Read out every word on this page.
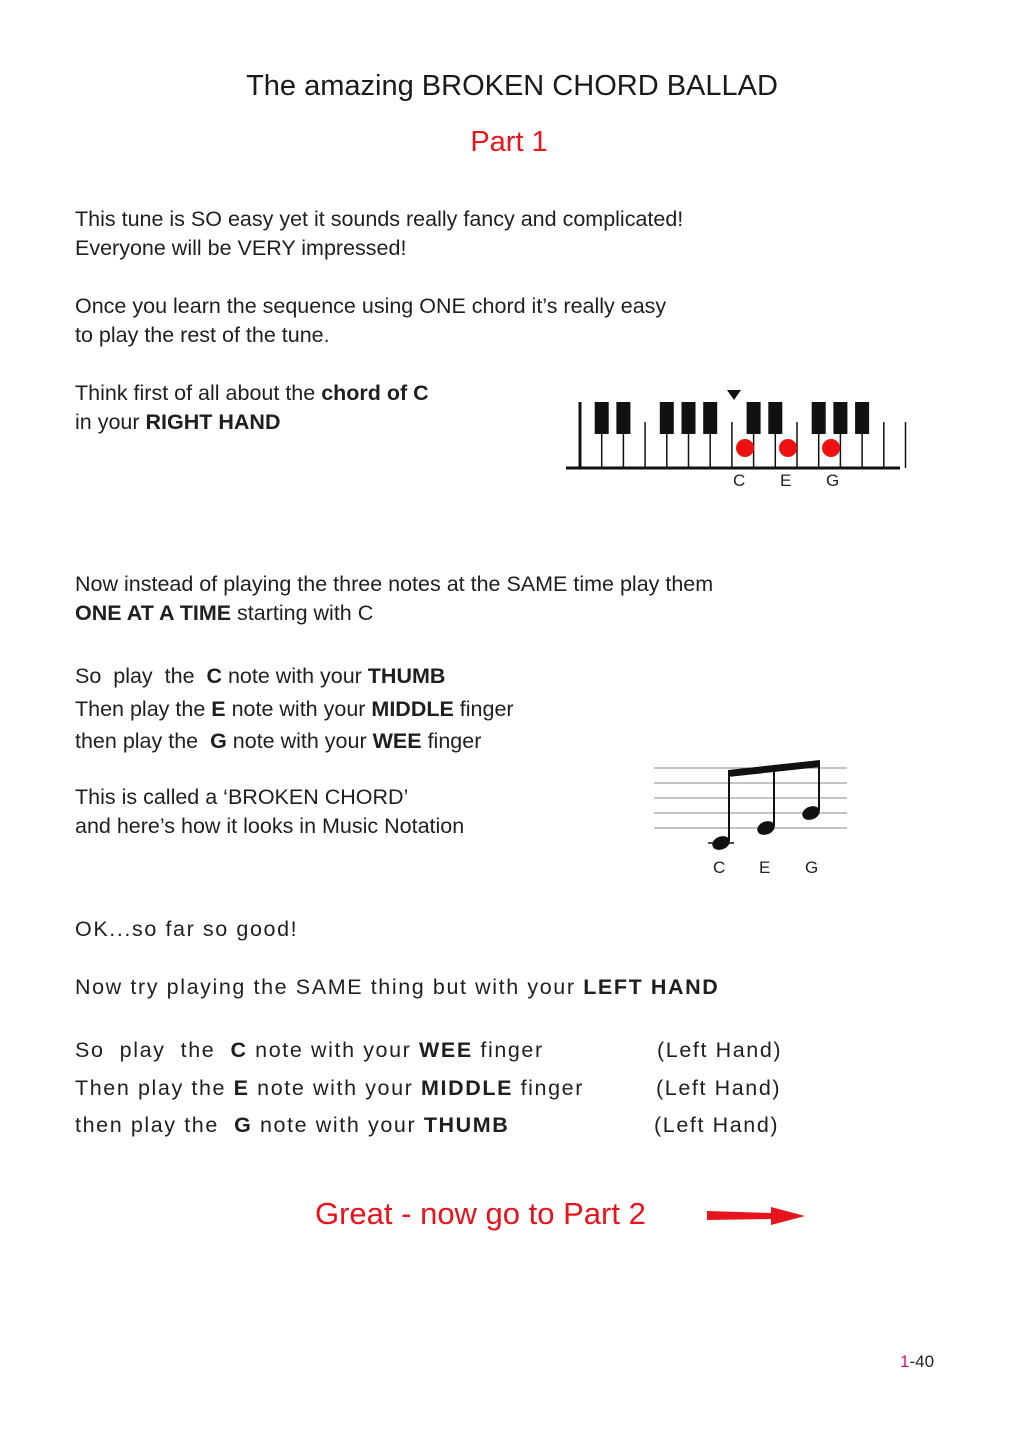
The amazing BROKEN CHORD BALLAD
Part 1
This tune is SO easy yet it sounds really fancy and complicated!
Everyone will be VERY impressed!
Once you learn the sequence using ONE chord it’s really easy
to play the rest of the tune.
Think first of all about the chord of C
in your RIGHT HAND
C E G
Now instead of playing the three notes at the SAME time play them
ONE AT A TIME starting with C
So  play  the  C note with your THUMB
Then play the E note with your MIDDLE finger
then play the  G note with your WEE finger
This is called a ‘BROKEN CHORD’
and here’s how it looks in Music Notation
C E G
OK...so far so good!
Now try playing the SAME thing but with your LEFT HAND
So  play  the  C note with your WEE finger	(Left Hand)
Then play the E note with your MIDDLE finger	(Left Hand)
then play the  G note with your THUMB	(Left Hand)
Great - now go to Part 2
1-40
